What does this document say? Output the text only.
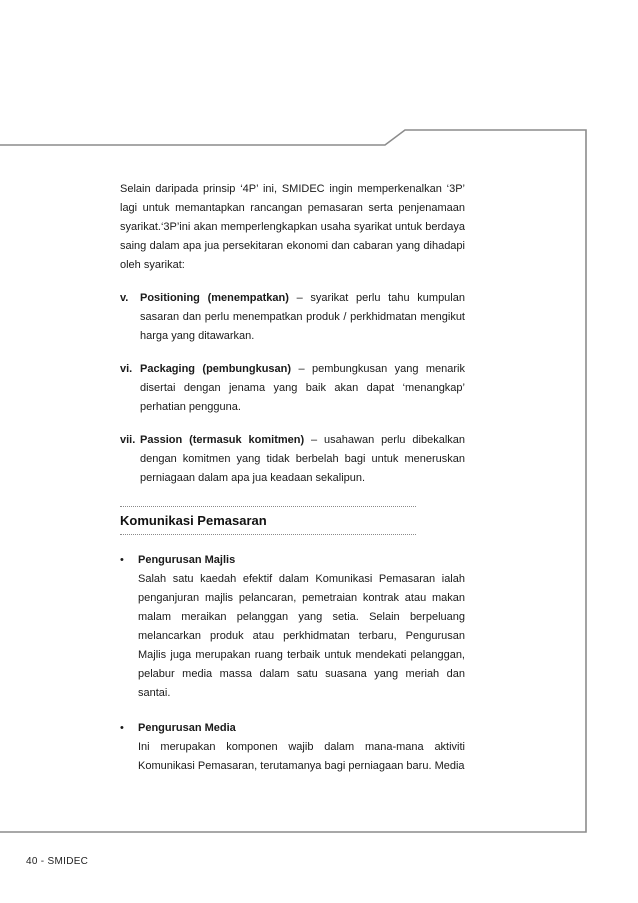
Selain daripada prinsip ‘4P’ ini, SMIDEC ingin memperkenalkan ‘3P’ lagi untuk memantapkan rancangan pemasaran serta penjenamaan syarikat.‘3P’ini akan memperlengkapkan usaha syarikat untuk berdaya saing dalam apa jua persekitaran ekonomi dan cabaran yang dihadapi oleh syarikat:

v.	Positioning (menempatkan) – syarikat perlu tahu kumpulan sasaran dan perlu menempatkan produk / perkhidmatan mengikut harga yang ditawarkan.
vi. Packaging (pembungkusan) – pembungkusan yang menarik disertai dengan jenama yang baik akan dapat ‘menangkap’ perhatian pengguna.
vii. Passion (termasuk komitmen) – usahawan perlu dibekalkan dengan komitmen yang tidak berbelah bagi untuk meneruskan perniagaan dalam apa jua keadaan sekalipun.
Komunikasi Pemasaran
•	Pengurusan Majlis
Salah satu kaedah efektif dalam Komunikasi Pemasaran ialah penganjuran majlis pelancaran, pemetraian kontrak atau makan malam meraikan pelanggan yang setia. Selain berpeluang melancarkan produk atau perkhidmatan terbaru, Pengurusan Majlis juga merupakan ruang terbaik untuk mendekati pelanggan, pelabur media massa dalam satu suasana yang meriah dan santai.
•	Pengurusan Media
Ini merupakan komponen wajib dalam mana-mana aktiviti Komunikasi Pemasaran, terutamanya bagi perniagaan baru. Media
40 - SMIDEC
